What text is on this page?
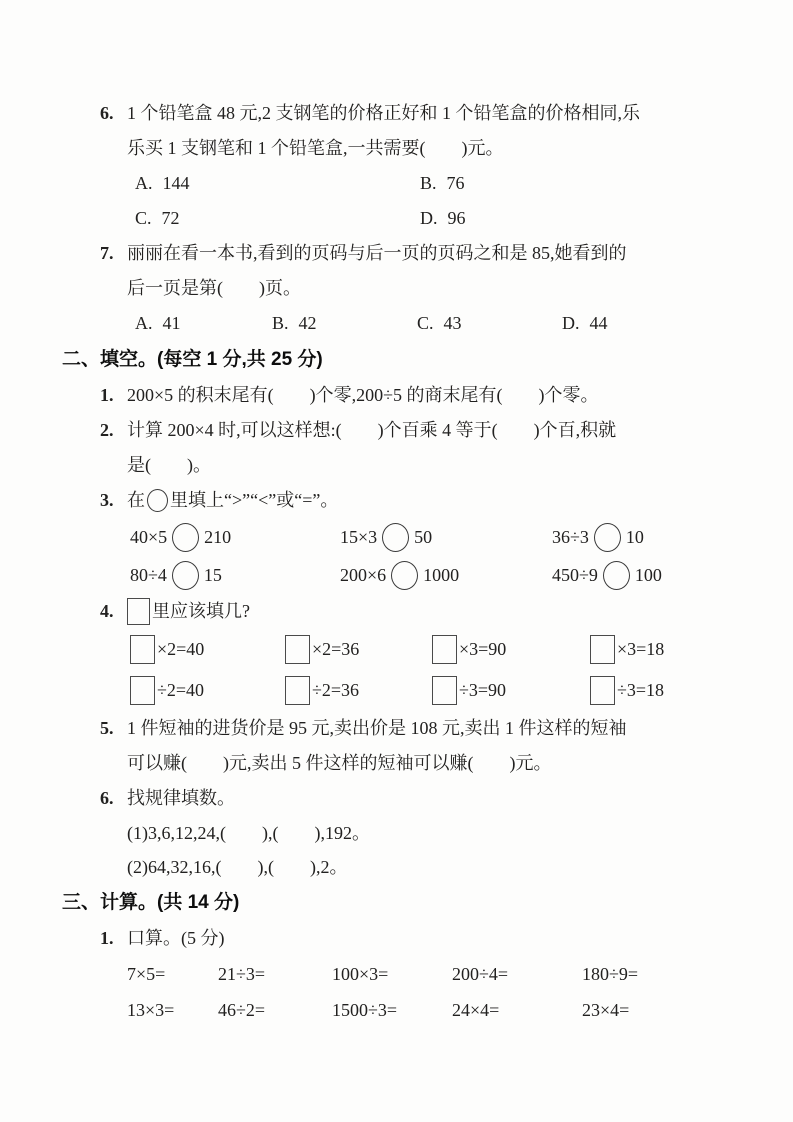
6. 1 个铅笔盒 48 元,2 支钢笔的价格正好和 1 个铅笔盒的价格相同,乐
乐买 1 支钢笔和 1 个铅笔盒,一共需要(        )元。
A. 144	B. 76
C. 72	D. 96
7. 丽丽在看一本书,看到的页码与后一页的页码之和是 85,她看到的
后一页是第(        )页。
A. 41	B. 42	C. 43	D. 44
二、填空。(每空 1 分,共 25 分)
1. 200×5 的积末尾有(        )个零,200÷5 的商末尾有(        )个零。
2. 计算 200×4 时,可以这样想:(        )个百乘 4 等于(        )个百,积就
是(        )。
3. 在 里填上“>”“<”或“=”。
40×5 210	15×3 50	36÷3 10
80÷4 15	200×6 1000	450÷9 100
4.	里应该填几?
×2=40	×2=36	×3=90	×3=18
÷2=40	÷2=36	÷3=90	÷3=18
5. 1 件短袖的进货价是 95 元,卖出价是 108 元,卖出 1 件这样的短袖
可以赚(        )元,卖出 5 件这样的短袖可以赚(        )元。
6. 找规律填数。
(1)3,6,12,24,(        ),(        ),192。
(2)64,32,16,(        ),(        ),2。
三、计算。(共 14 分)
1. 口算。(5 分)
7×5=	21÷3=	100×3=	200÷4=	180÷9=
13×3=	46÷2=	1500÷3=	24×4=	23×4=
